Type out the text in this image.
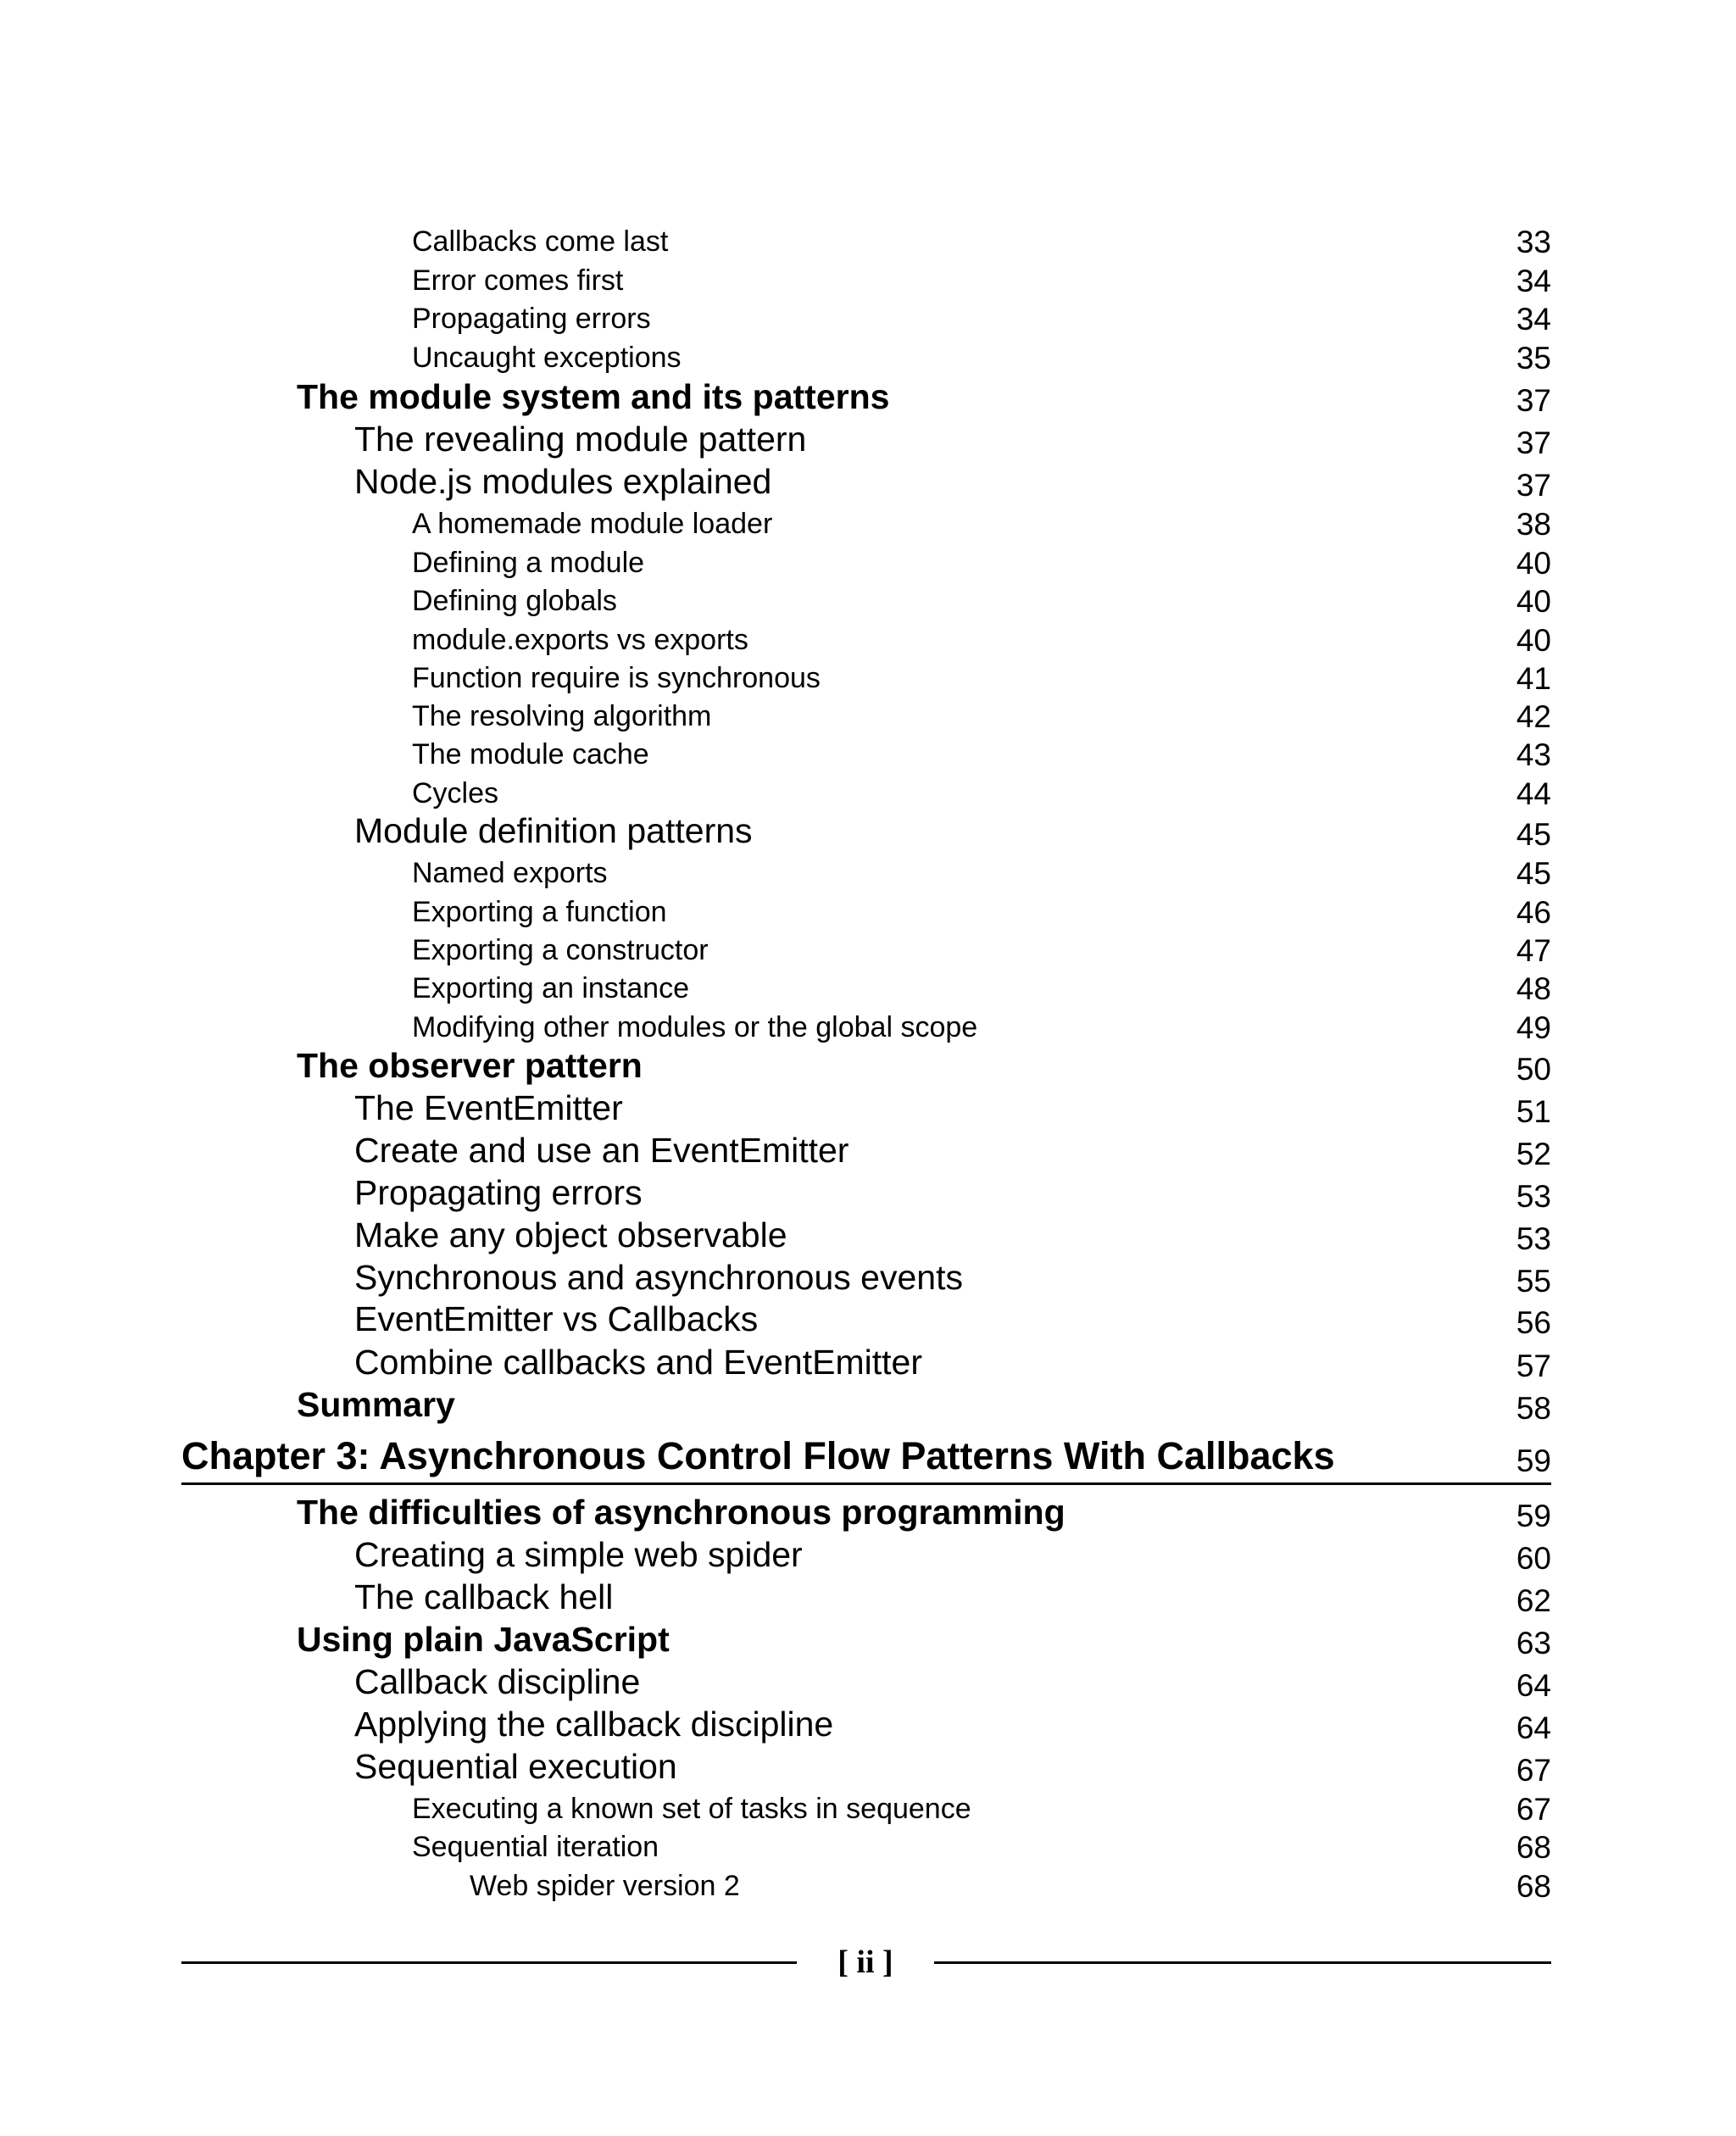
Callbacks come last	33
Error comes first	34
Propagating errors	34
Uncaught exceptions	35
The module system and its patterns	37
The revealing module pattern	37
Node.js modules explained	37
A homemade module loader	38
Defining a module	40
Defining globals	40
module.exports vs exports	40
Function require is synchronous	41
The resolving algorithm	42
The module cache	43
Cycles	44
Module definition patterns	45
Named exports	45
Exporting a function	46
Exporting a constructor	47
Exporting an instance	48
Modifying other modules or the global scope	49
The observer pattern	50
The EventEmitter	51
Create and use an EventEmitter	52
Propagating errors	53
Make any object observable	53
Synchronous and asynchronous events	55
EventEmitter vs Callbacks	56
Combine callbacks and EventEmitter	57
Summary	58
Chapter 3: Asynchronous Control Flow Patterns With Callbacks	59
The difficulties of asynchronous programming	59
Creating a simple web spider	60
The callback hell	62
Using plain JavaScript	63
Callback discipline	64
Applying the callback discipline	64
Sequential execution	67
Executing a known set of tasks in sequence	67
Sequential iteration	68
Web spider version 2	68
[ ii ]
